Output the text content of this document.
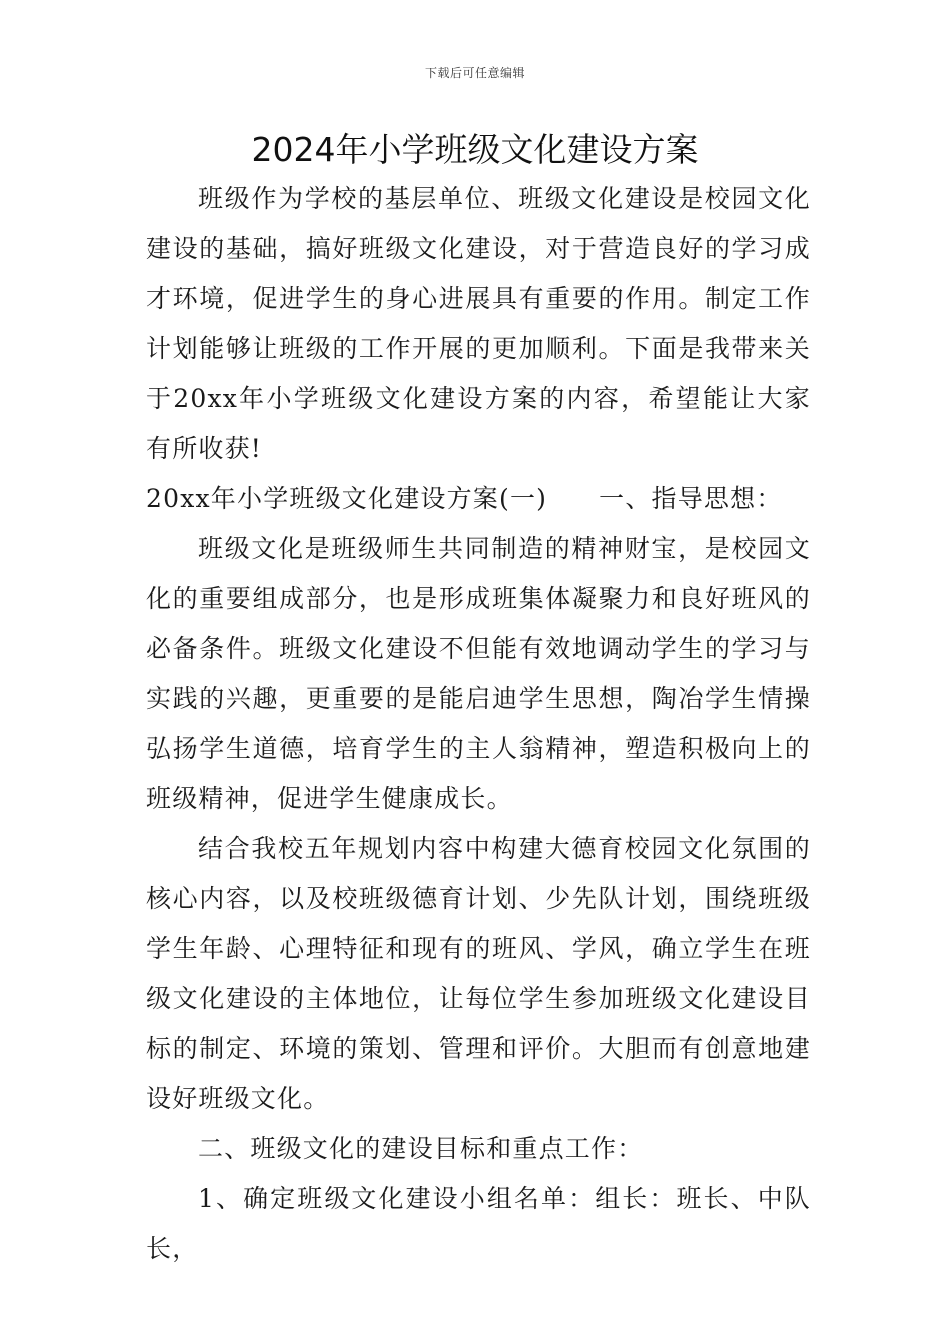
下载后可任意编辑
2024年小学班级文化建设方案

班级作为学校的基层单位、班级文化建设是校园文化建设的基础，搞好班级文化建设，对于营造良好的学习成才环境，促进学生的身心进展具有重要的作用。制定工作计划能够让班级的工作开展的更加顺利。下面是我带来关于20xx年小学班级文化建设方案的内容，希望能让大家有所收获!

20xx年小学班级文化建设方案(一) 一、指导思想：

班级文化是班级师生共同制造的精神财宝，是校园文化的重要组成部分，也是形成班集体凝聚力和良好班风的必备条件。班级文化建设不但能有效地调动学生的学习与实践的兴趣，更重要的是能启迪学生思想，陶冶学生情操弘扬学生道德，培育学生的主人翁精神，塑造积极向上的班级精神，促进学生健康成长。

结合我校五年规划内容中构建大德育校园文化氛围的核心内容，以及校班级德育计划、少先队计划，围绕班级学生年龄、心理特征和现有的班风、学风，确立学生在班级文化建设的主体地位，让每位学生参加班级文化建设目标的制定、环境的策划、管理和评价。大胆而有创意地建设好班级文化。

二、班级文化的建设目标和重点工作：

1、确定班级文化建设小组名单：组长：班长、中队长，
